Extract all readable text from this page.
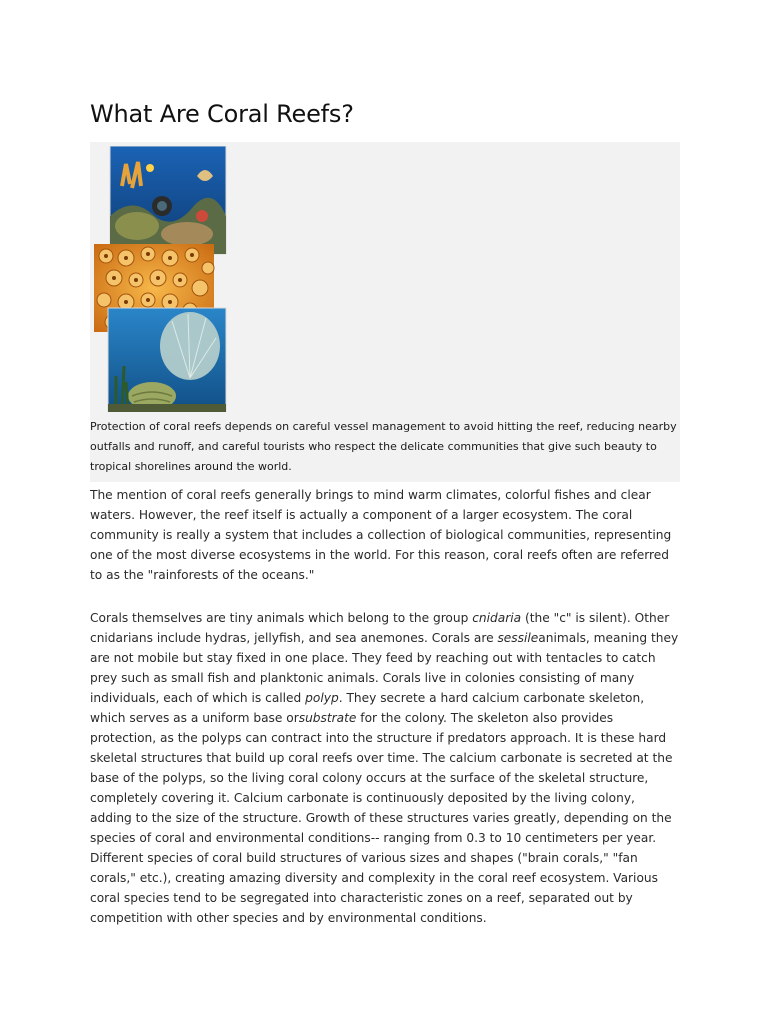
What Are Coral Reefs?

Protection of coral reefs depends on careful vessel management to avoid hitting the reef, reducing nearby outfalls and runoff, and careful tourists who respect the delicate communities that give such beauty to tropical shorelines around the world.

The mention of coral reefs generally brings to mind warm climates, colorful fishes and clear waters. However, the reef itself is actually a component of a larger ecosystem. The coral community is really a system that includes a collection of biological communities, representing one of the most diverse ecosystems in the world. For this reason, coral reefs often are referred to as the "rainforests of the oceans."

Corals themselves are tiny animals which belong to the group cnidaria (the "c" is silent). Other cnidarians include hydras, jellyfish, and sea anemones. Corals are sessileanimals, meaning they are not mobile but stay fixed in one place. They feed by reaching out with tentacles to catch prey such as small fish and planktonic animals. Corals live in colonies consisting of many individuals, each of which is called polyp. They secrete a hard calcium carbonate skeleton, which serves as a uniform base orsubstrate for the colony. The skeleton also provides protection, as the polyps can contract into the structure if predators approach. It is these hard skeletal structures that build up coral reefs over time. The calcium carbonate is secreted at the base of the polyps, so the living coral colony occurs at the surface of the skeletal structure, completely covering it. Calcium carbonate is continuously deposited by the living colony, adding to the size of the structure. Growth of these structures varies greatly, depending on the species of coral and environmental conditions-- ranging from 0.3 to 10 centimeters per year. Different species of coral build structures of various sizes and shapes ("brain corals," "fan corals," etc.), creating amazing diversity and complexity in the coral reef ecosystem. Various coral species tend to be segregated into characteristic zones on a reef, separated out by competition with other species and by environmental conditions.
